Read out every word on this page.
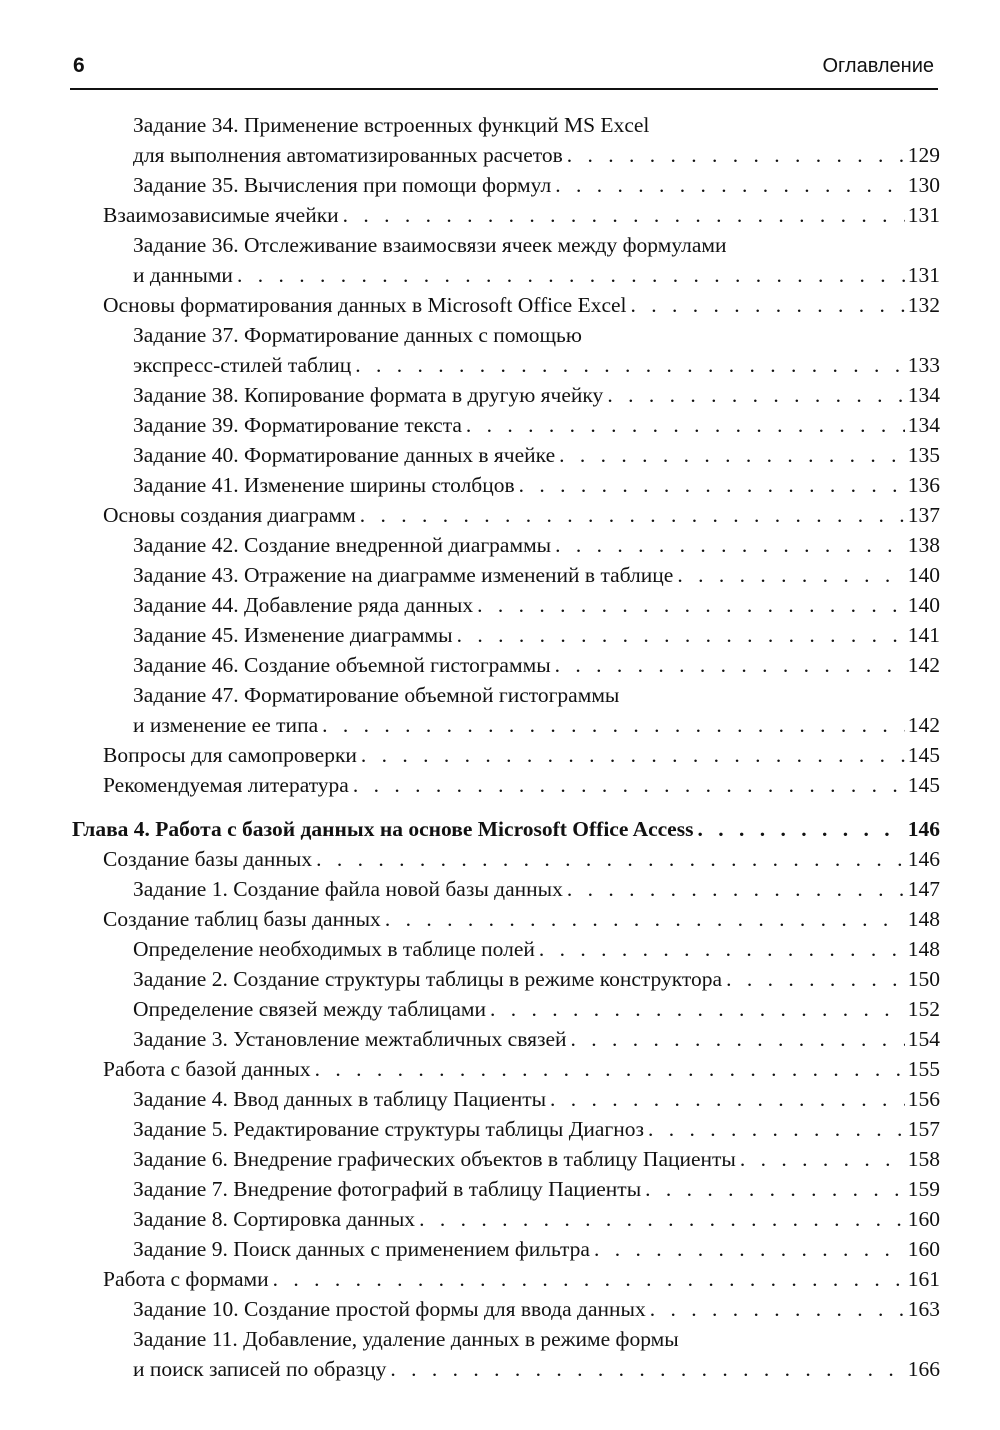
6	Оглавление
Задание 34. Применение встроенных функций MS Excel
для выполнения автоматизированных расчетов . . .	129
Задание 35. Вычисления при помощи формул . . .	130
Взаимозависимые ячейки . . .	131
Задание 36. Отслеживание взаимосвязи ячеек между формулами
и данными . . .	131
Основы форматирования данных в Microsoft Office Excel . . .	132
Задание 37. Форматирование данных с помощью
экспресс-стилей таблиц . . .	133
Задание 38. Копирование формата в другую ячейку . . .	134
Задание 39. Форматирование текста . . .	134
Задание 40. Форматирование данных в ячейке . . .	135
Задание 41. Изменение ширины столбцов . . .	136
Основы создания диаграмм . . .	137
Задание 42. Создание внедренной диаграммы . . .	138
Задание 43. Отражение на диаграмме изменений в таблице . . .	140
Задание 44. Добавление ряда данных . . .	140
Задание 45. Изменение диаграммы . . .	141
Задание 46. Создание объемной гистограммы . . .	142
Задание 47. Форматирование объемной гистограммы
и изменение ее типа . . .	142
Вопросы для самопроверки . . .	145
Рекомендуемая литература . . .	145
Глава 4. Работа с базой данных на основе Microsoft Office Access . . .	146
Создание базы данных . . .	146
Задание 1. Создание файла новой базы данных . . .	147
Создание таблиц базы данных . . .	148
Определение необходимых в таблице полей . . .	148
Задание 2. Создание структуры таблицы в режиме конструктора . . .	150
Определение связей между таблицами . . .	152
Задание 3. Установление межтабличных связей . . .	154
Работа с базой данных . . .	155
Задание 4. Ввод данных в таблицу Пациенты . . .	156
Задание 5. Редактирование структуры таблицы Диагноз . . .	157
Задание 6. Внедрение графических объектов в таблицу Пациенты . . .	158
Задание 7. Внедрение фотографий в таблицу Пациенты . . .	159
Задание 8. Сортировка данных . . .	160
Задание 9. Поиск данных с применением фильтра . . .	160
Работа с формами . . .	161
Задание 10. Создание простой формы для ввода данных . . .	163
Задание 11. Добавление, удаление данных в режиме формы
и поиск записей по образцу . . .	166
